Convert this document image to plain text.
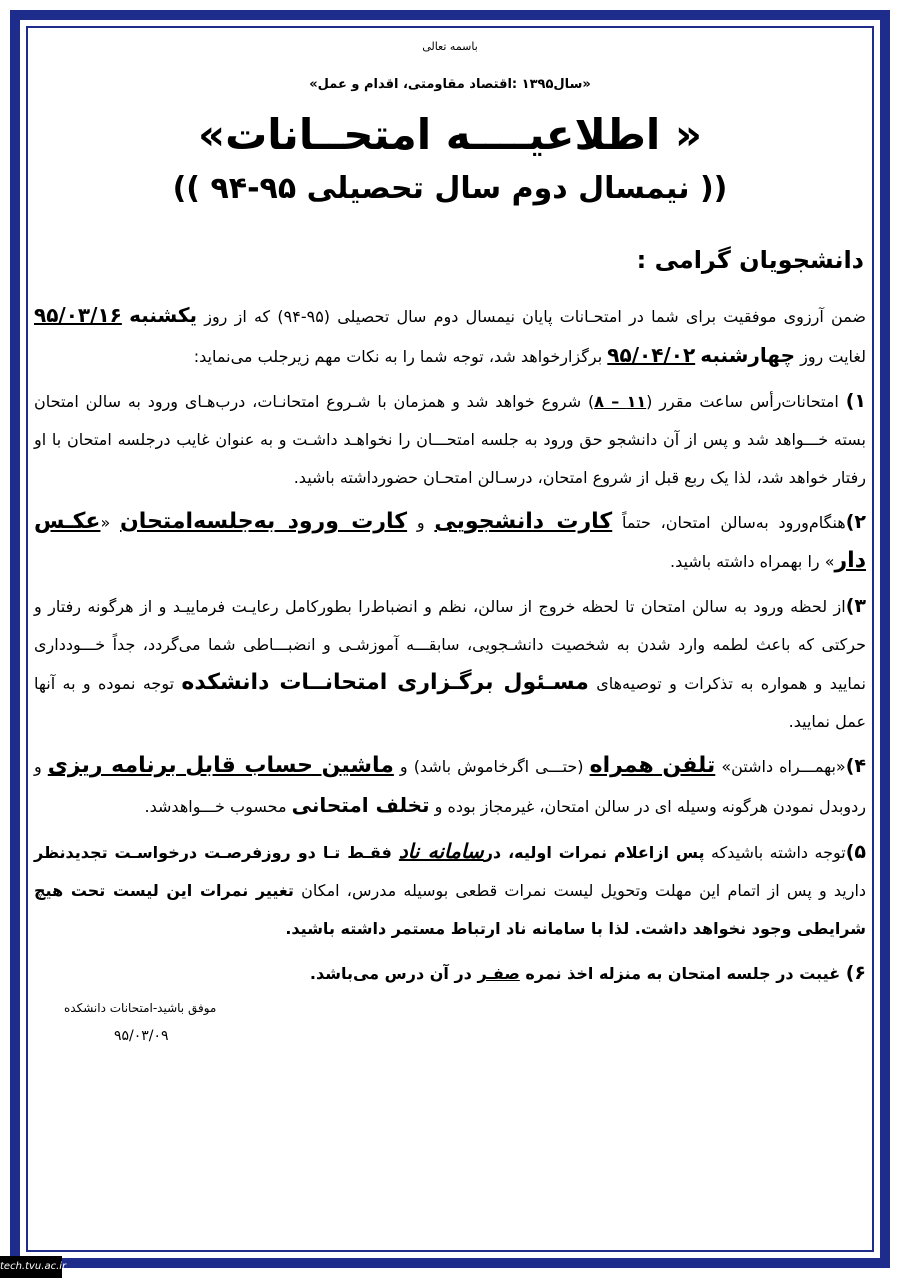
باسمه تعالی
«سال۱۳۹۵ :اقتصاد مقاومتی، اقدام و عمل»
« اطلاعیــــه امتحــانات»
(( نیمسال دوم سال تحصیلی ۹۵-۹۴ ))
دانشجویان گرامی :

ضمن آرزوی موفقیت برای شما در امتحـانات پایان نیمسال دوم سال تحصیلی (۹۵-۹۴) که از روز یکشنبه ۹۵/۰۳/۱۶ لغایت روز چهارشنبه ۹۵/۰۴/۰۲ برگزارخواهد شد، توجه شما را به نکات مهم زیرجلب می‌نماید:

۱) امتحانات‌رأس ساعت مقرر (۱۱ – ۸) شروع خواهد شد و همزمان با شـروع امتحانـات، درب‌هـای ورود به سالن امتحان بسته خـــواهد شد و پس از آن دانشجو حق ورود به جلسه امتحـــان را نخواهـد داشـت و به عنوان غایب درجلسه امتحان با او رفتار خواهد شد، لذا یک ربع قبل از شروع امتحان، درسـالن امتحـان حضورداشته باشید.

۲)هنگام‌ورود به‌سالن امتحان، حتماً کارت دانشجویی و کارت ورود به‌جلسه‌امتحان «عکـس دار» را بهمراه داشته باشید.

۳)از لحظه ورود به سالن امتحان تا لحظه خروج از سالن، نظم و انضباط‌را بطورکامل رعایـت فرماییـد و از هرگونه رفتار و حرکتی که باعث لطمه وارد شدن به شخصیت دانشـجویی، سابقـــه آموزشـی و انضبـــاطی شما می‌گردد، جداً خـــودداری نمایید و همواره به تذکرات و توصیه‌های مسـئول برگـزاری امتحانــات دانشکده توجه نموده و به آنها عمل نمایید.

۴)«بهمـــراه داشتن» تلفن همراه (حتـــی اگرخاموش باشد) و ماشین حساب قابل برنامه ریزی و ردوبدل نمودن هرگونه وسیله ای در سالن امتحان، غیرمجاز بوده و تخلف امتحانی محسوب خـــواهدشد.

۵)توجه داشته باشیدکه پس ازاعلام نمرات اولیه، درسامانه ناد فقـط تـا دو روزفرصـت درخواسـت تجدیدنظر دارید و پس از اتمام این مهلت وتحویل لیست نمرات قطعی بوسیله مدرس، امکان تغییر نمرات این لیست تحت هیچ شرایطی وجود نخواهد داشت. لذا با سامانه ناد ارتباط مستمر داشته باشید.

۶) غیبت در جلسه امتحان به منزله اخذ نمره صفـر در آن درس می‌باشد.

موفق باشید-امتحانات دانشکده
۹۵/۰۳/۰۹
tech.tvu.ac.ir
